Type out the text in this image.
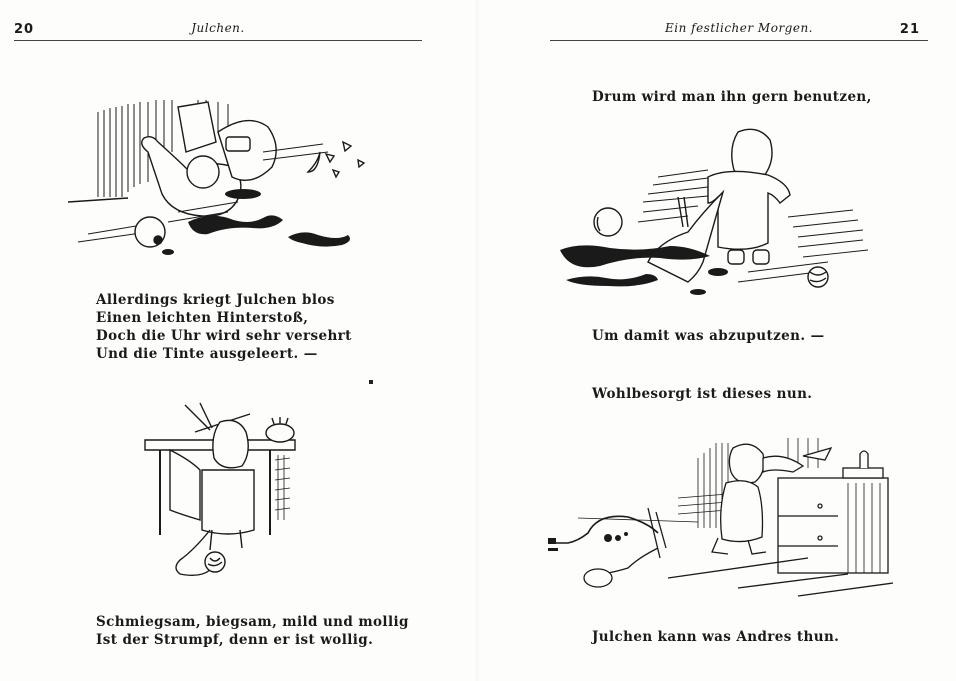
20	Julchen.
Allerdings kriegt Julchen blos
Einen leichten Hinterstoß,
Doch die Uhr wird sehr versehrt
Und die Tinte ausgeleert. —
Schmiegsam, biegsam, mild und mollig
Ist der Strumpf, denn er ist wollig.
Ein festlicher Morgen.	21
Drum wird man ihn gern benutzen,
Um damit was abzuputzen. —
Wohlbesorgt ist dieses nun.
Julchen kann was Andres thun.
